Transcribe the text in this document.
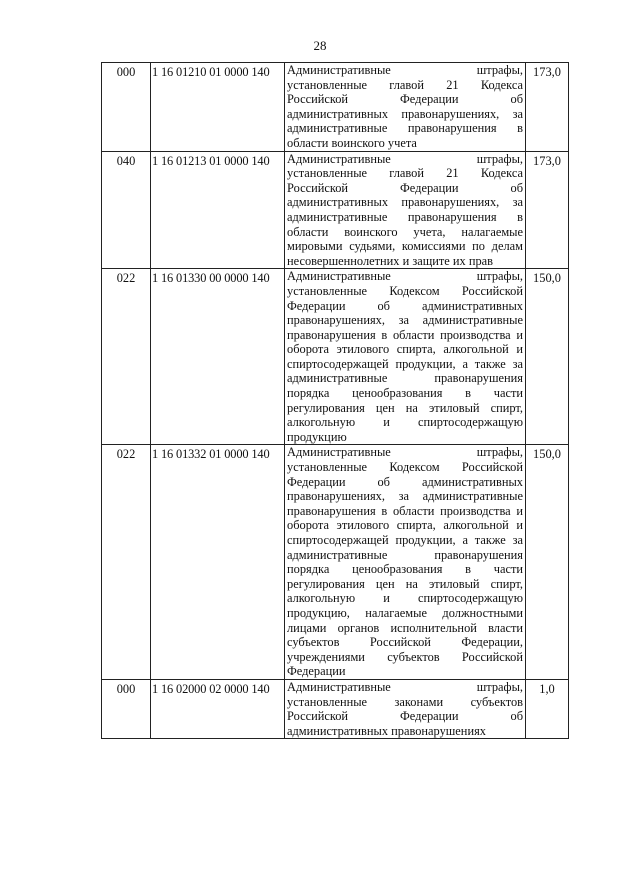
28
000	1 16 01210 01 0000 140	Административные штрафы, установленные главой 21 Кодекса Российской Федерации об административных правонарушениях, за административные правонарушения в области воинского учета	173,0
040	1 16 01213 01 0000 140	Административные штрафы, установленные главой 21 Кодекса Российской Федерации об административных правонарушениях, за административные правонарушения в области воинского учета, налагаемые мировыми судьями, комиссиями по делам несовершеннолетних и защите их прав	173,0
022	1 16 01330 00 0000 140	Административные штрафы, установленные Кодексом Российской Федерации об административных правонарушениях, за административные правонарушения в области производства и оборота этилового спирта, алкогольной и спиртосодержащей продукции, а также за административные правонарушения порядка ценообразования в части регулирования цен на этиловый спирт, алкогольную и спиртосодержащую продукцию	150,0
022	1 16 01332 01 0000 140	Административные штрафы, установленные Кодексом Российской Федерации об административных правонарушениях, за административные правонарушения в области производства и оборота этилового спирта, алкогольной и спиртосодержащей продукции, а также за административные правонарушения порядка ценообразования в части регулирования цен на этиловый спирт, алкогольную и спиртосодержащую продукцию, налагаемые должностными лицами органов исполнительной власти субъектов Российской Федерации, учреждениями субъектов Российской Федерации	150,0
000	1 16 02000 02 0000 140	Административные штрафы, установленные законами субъектов Российской Федерации об административных правонарушениях	1,0
